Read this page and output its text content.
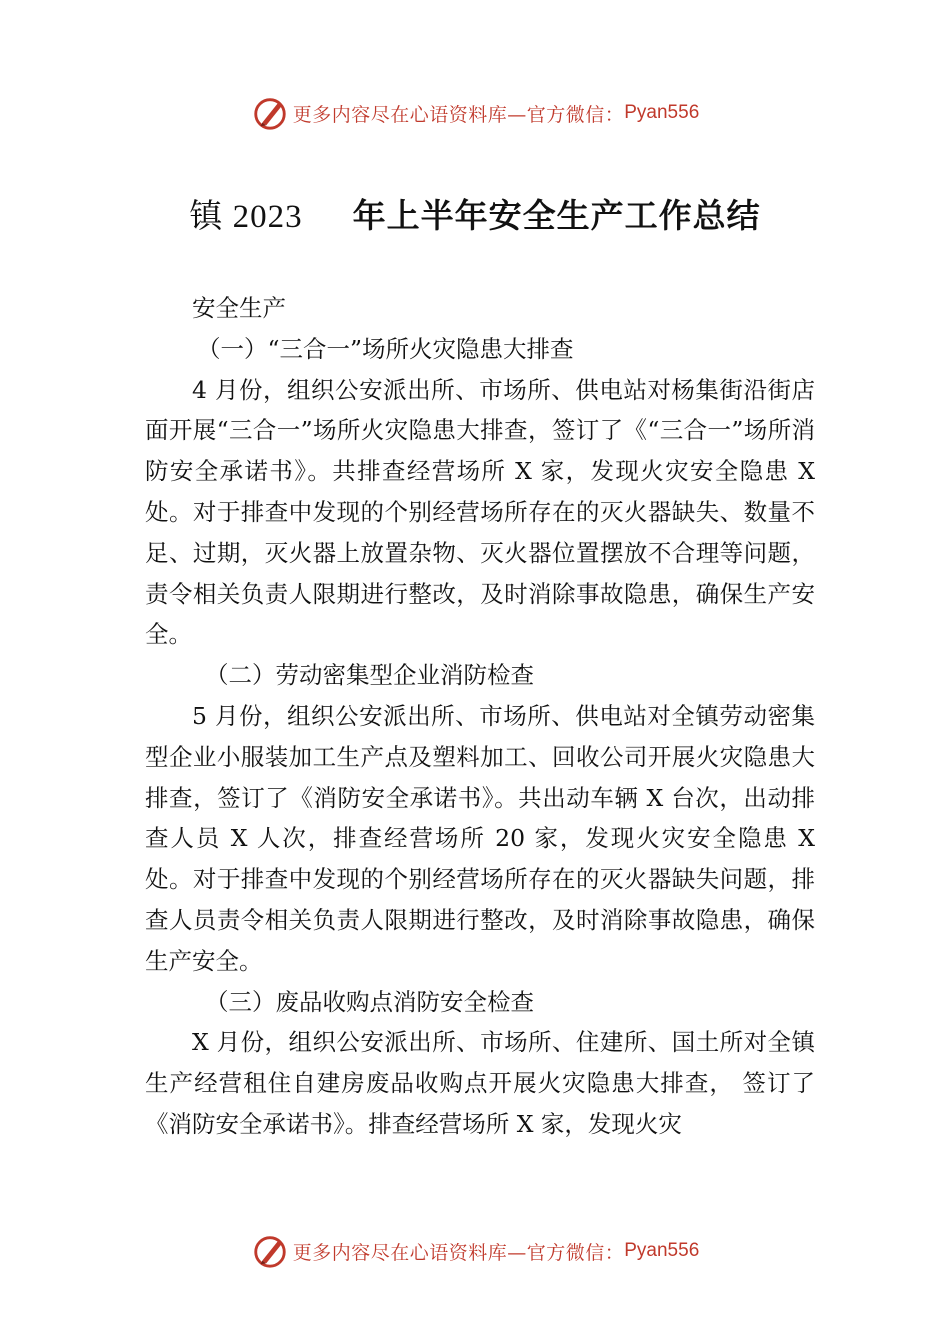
更多内容尽在心语资料库—官方微信： Pyan556
镇 2023 年上半年安全生产工作总结

安全生产

（一）“三合一”场所火灾隐患大排查

4 月份，组织公安派出所、市场所、供电站对杨集街沿街店面开展“三合一”场所火灾隐患大排查，签订了《“三合一”场所消防安全承诺书》。共排查经营场所 X 家，发现火灾安全隐患 X 处。对于排查中发现的个别经营场所存在的灭火器缺失、数量不足、过期，灭火器上放置杂物、灭火器位置摆放不合理等问题，责令相关负责人限期进行整改，及时消除事故隐患，确保生产安全。

（二）劳动密集型企业消防检查

5 月份，组织公安派出所、市场所、供电站对全镇劳动密集型企业小服装加工生产点及塑料加工、回收公司开展火灾隐患大排查，签订了《消防安全承诺书》。共出动车辆 X 台次，出动排查人员 X 人次，排查经营场所 20 家，发现火灾安全隐患 X 处。对于排查中发现的个别经营场所存在的灭火器缺失问题，排查人员责令相关负责人限期进行整改，及时消除事故隐患，确保生产安全。

（三）废品收购点消防安全检查

X 月份，组织公安派出所、市场所、住建所、国土所对全镇生产经营租住自建房废品收购点开展火灾隐患大排查， 签订了《消防安全承诺书》。排查经营场所 X 家，发现火灾

更多内容尽在心语资料库—官方微信： Pyan556
